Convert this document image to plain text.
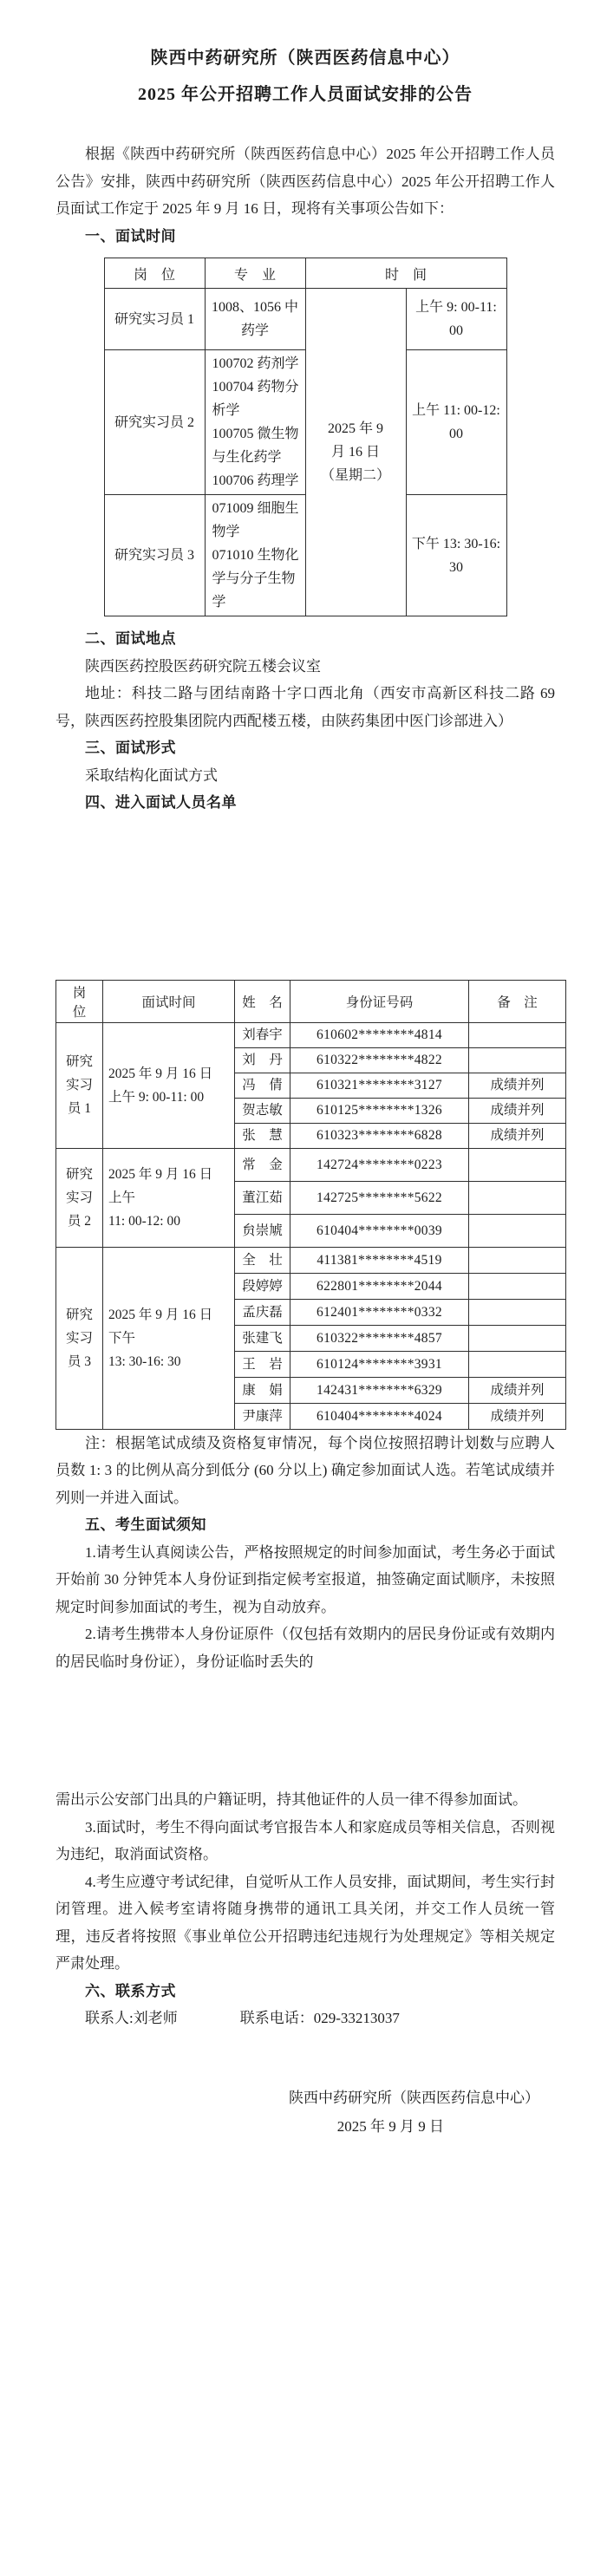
陕西中药研究所（陕西医药信息中心）

2025 年公开招聘工作人员面试安排的公告

根据《陕西中药研究所（陕西医药信息中心）2025 年公开招聘工作人员公告》安排，陕西中药研究所（陕西医药信息中心）2025 年公开招聘工作人员面试工作定于 2025 年 9 月 16 日，现将有关事项公告如下：

一、面试时间

岗　位	专　业	时　间	
研究实习员 1	1008、1056 中药学	2025 年 9
月 16 日
（星期二）	上午 9: 00-11: 00
研究实习员 2	100702 药剂学
100704 药物分析学
100705 微生物与生化药学
100706 药理学		上午 11: 00-12: 00
研究实习员 3	071009 细胞生物学
071010 生物化学与分子生物学		下午 13: 30-16: 30

二、面试地点

陕西医药控股医药研究院五楼会议室

地址：科技二路与团结南路十字口西北角（西安市高新区科技二路 69 号，陕西医药控股集团院内西配楼五楼，由陕药集团中医门诊部进入）

三、面试形式

采取结构化面试方式

四、进入面试人员名单

岗　位	面试时间	姓　名	身份证号码	备　注

研究
实习
员 1

2025 年 9 月 16 日
上午 9: 00-11: 00
	刘春宇	610602********4814	
		刘　丹	610322********4822	
		冯　倩	610321********3127	成绩并列
		贺志敏	610125********1326	成绩并列
		张　慧	610323********6828	成绩并列

研究
实习
员 2

2025 年 9 月 16 日
上午
11: 00-12: 00
	常　金	142724********0223	
		董江茹	142725********5622	
		贠崇虓	610404********0039	

研究
实习
员 3

2025 年 9 月 16 日
下午
13: 30-16: 30
	全　壮	411381********4519	
		段婷婷	622801********2044	
		孟庆磊	612401********0332	
		张建飞	610322********4857	
		王　岩	610124********3931	
		康　娟	142431********6329	成绩并列
		尹康萍	610404********4024	成绩并列

注：根据笔试成绩及资格复审情况，每个岗位按照招聘计划数与应聘人员数 1: 3 的比例从高分到低分 (60 分以上) 确定参加面试人选。若笔试成绩并列则一并进入面试。

五、考生面试须知

1.请考生认真阅读公告，严格按照规定的时间参加面试，考生务必于面试开始前 30 分钟凭本人身份证到指定候考室报道，抽签确定面试顺序，未按照规定时间参加面试的考生，视为自动放弃。

2.请考生携带本人身份证原件（仅包括有效期内的居民身份证或有效期内的居民临时身份证），身份证临时丢失的

需出示公安部门出具的户籍证明，持其他证件的人员一律不得参加面试。

3.面试时，考生不得向面试考官报告本人和家庭成员等相关信息，否则视为违纪，取消面试资格。

4.考生应遵守考试纪律，自觉听从工作人员安排，面试期间，考生实行封闭管理。进入候考室请将随身携带的通讯工具关闭，并交工作人员统一管理，违反者将按照《事业单位公开招聘违纪违规行为处理规定》等相关规定严肃处理。

六、联系方式

联系人:刘老师	联系电话：029-33213037

陕西中药研究所（陕西医药信息中心）

2025 年 9 月 9 日
